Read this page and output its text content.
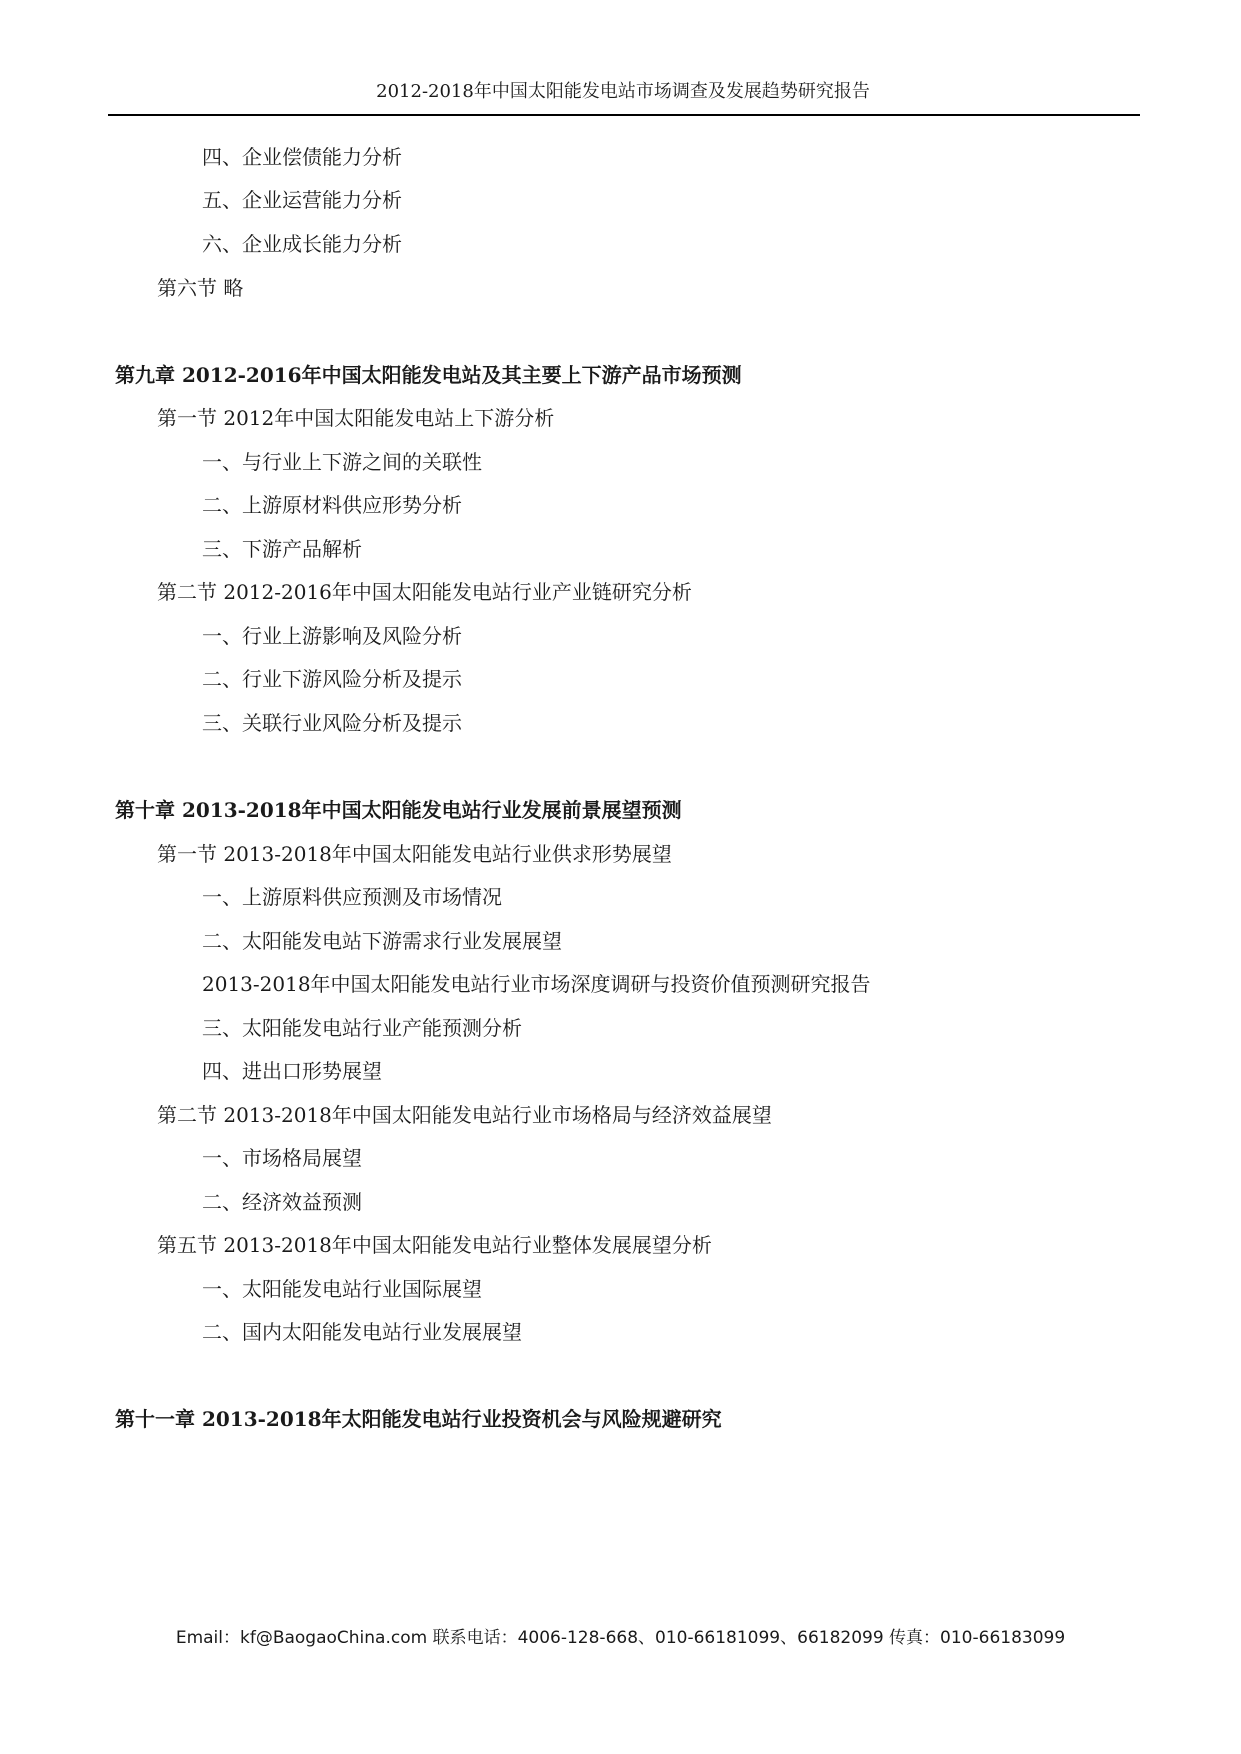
2012-2018年中国太阳能发电站市场调查及发展趋势研究报告
四、企业偿债能力分析
五、企业运营能力分析
六、企业成长能力分析
第六节 略
第九章 2012-2016年中国太阳能发电站及其主要上下游产品市场预测
第一节 2012年中国太阳能发电站上下游分析
一、与行业上下游之间的关联性
二、上游原材料供应形势分析
三、下游产品解析
第二节 2012-2016年中国太阳能发电站行业产业链研究分析
一、行业上游影响及风险分析
二、行业下游风险分析及提示
三、关联行业风险分析及提示
第十章 2013-2018年中国太阳能发电站行业发展前景展望预测
第一节 2013-2018年中国太阳能发电站行业供求形势展望
一、上游原料供应预测及市场情况
二、太阳能发电站下游需求行业发展展望
2013-2018年中国太阳能发电站行业市场深度调研与投资价值预测研究报告
三、太阳能发电站行业产能预测分析
四、进出口形势展望
第二节 2013-2018年中国太阳能发电站行业市场格局与经济效益展望
一、市场格局展望
二、经济效益预测
第五节 2013-2018年中国太阳能发电站行业整体发展展望分析
一、太阳能发电站行业国际展望
二、国内太阳能发电站行业发展展望
第十一章 2013-2018年太阳能发电站行业投资机会与风险规避研究
Email：kf@BaogaoChina.com 联系电话：4006-128-668、010-66181099、66182099 传真：010-66183099
